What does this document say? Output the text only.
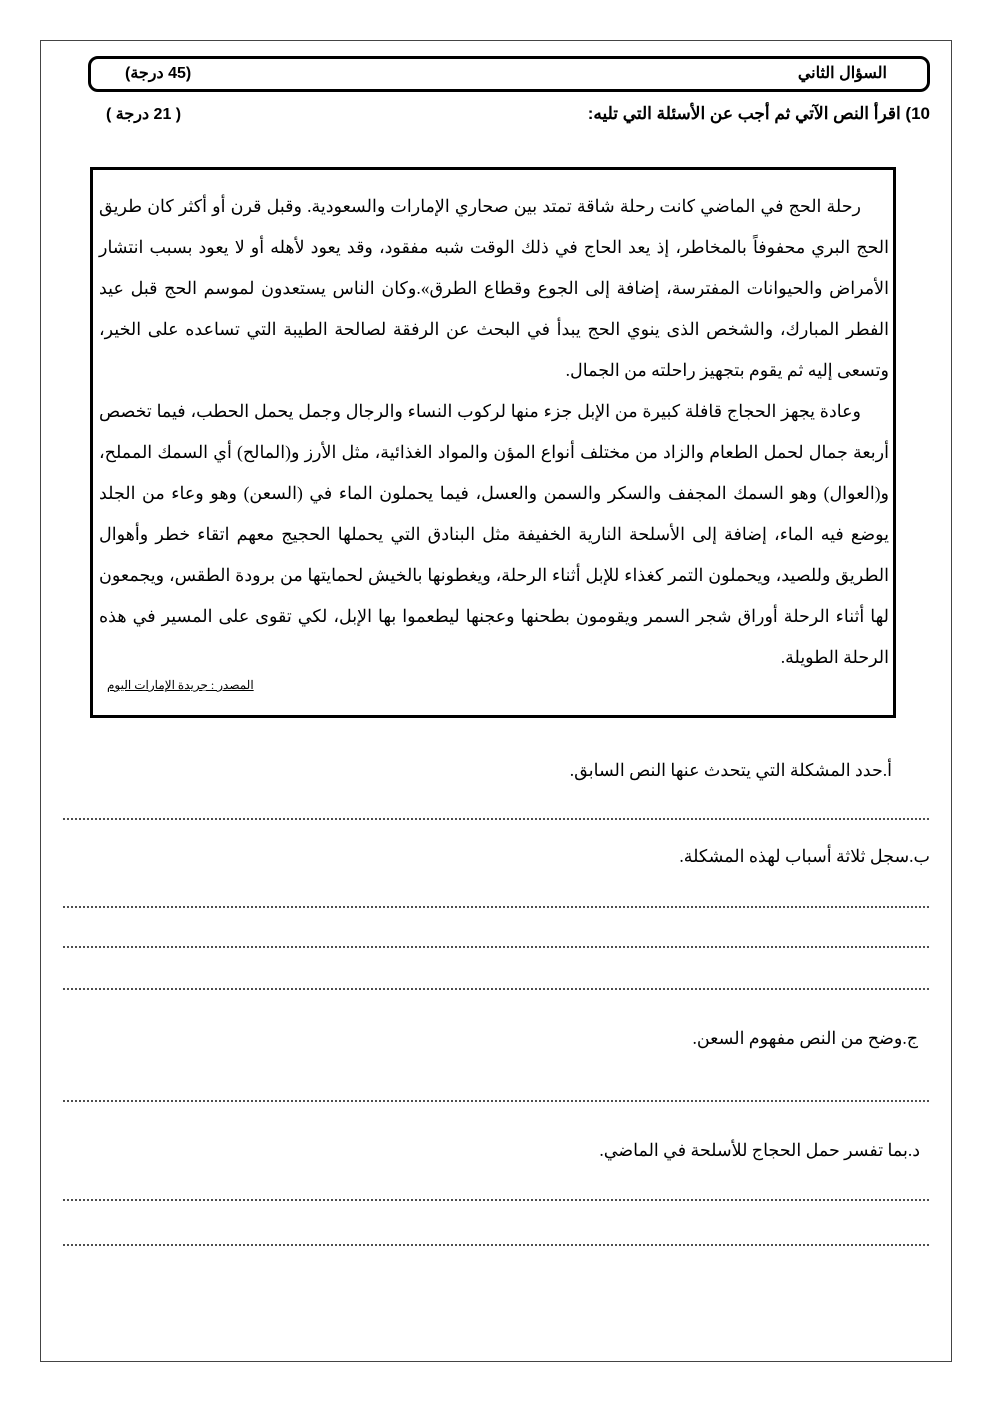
السؤال الثاني
(45 درجة)
10) اقرأ النص الآتي ثم أجب عن الأسئلة التي تليه:
( 21 درجة )

رحلة الحج في الماضي كانت رحلة شاقة تمتد بين صحاري الإمارات والسعودية. وقبل قرن أو أكثر كان طريق الحج البري محفوفاً بالمخاطر، إذ يعد الحاج في ذلك الوقت شبه مفقود، وقد يعود لأهله أو لا يعود بسبب انتشار الأمراض والحيوانات المفترسة، إضافة إلى الجوع وقطاع الطرق».وكان الناس يستعدون لموسم الحج قبل عيد الفطر المبارك، والشخص الذى ينوي الحج يبدأ في البحث عن الرفقة لصالحة الطيبة التي تساعده على الخير، وتسعى إليه ثم يقوم بتجهيز راحلته من الجمال.

وعادة يجهز الحجاج قافلة كبيرة من الإبل جزء منها لركوب النساء والرجال وجمل يحمل الحطب، فيما تخصص أربعة جمال لحمل الطعام والزاد من مختلف أنواع المؤن والمواد الغذائية، مثل الأرز و(المالح) أي السمك المملح، و(العوال) وهو السمك المجفف والسكر والسمن والعسل، فيما يحملون الماء في (السعن) وهو وعاء من الجلد يوضع فيه الماء، إضافة إلى الأسلحة النارية الخفيفة مثل البنادق التي يحملها الحجيج معهم اتقاء خطر وأهوال الطريق وللصيد، ويحملون التمر كغذاء للإبل أثناء الرحلة، ويغطونها بالخيش لحمايتها من برودة الطقس، ويجمعون لها أثناء الرحلة أوراق شجر السمر ويقومون بطحنها وعجنها ليطعموا بها الإبل، لكي تقوى على المسير في هذه الرحلة الطويلة.

المصدر : جريدة الإمارات اليوم
أ.حدد المشكلة التي يتحدث عنها النص السابق.
ب.سجل ثلاثة أسباب لهذه المشكلة.
ج.وضح من النص مفهوم السعن.
د.بما تفسر حمل الحجاج للأسلحة في الماضي.
